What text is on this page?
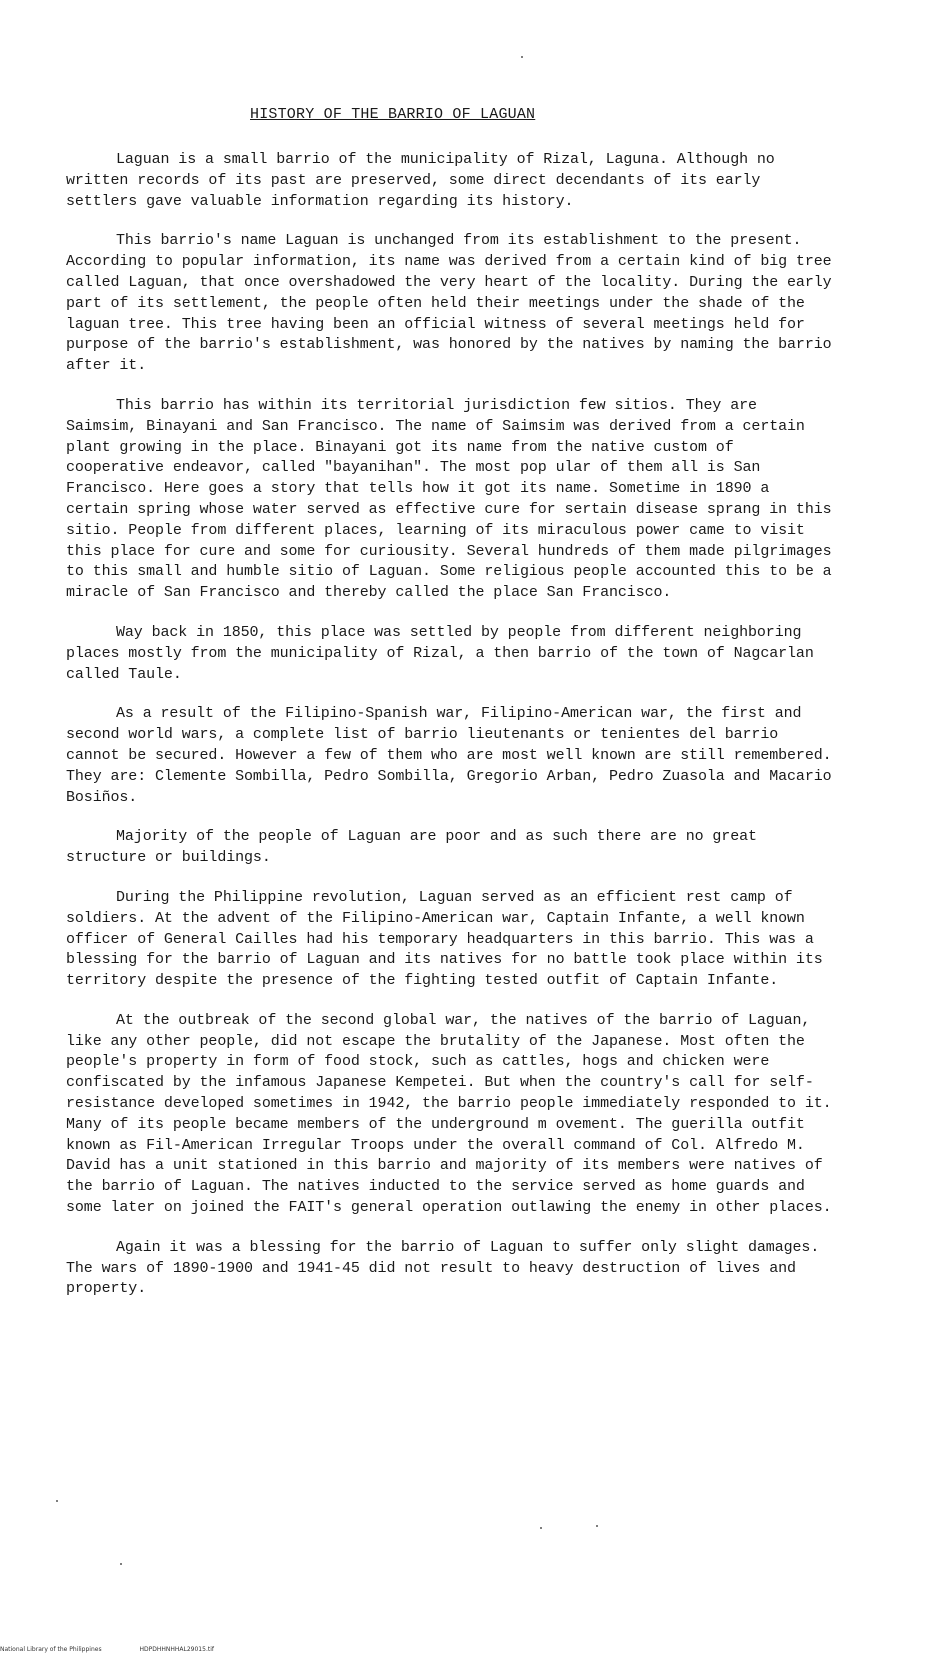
HISTORY OF THE BARRIO OF LAGUAN

Laguan is a small barrio of the municipality of Rizal, Laguna. Although no written records of its past are preserved, some direct decendants of its early settlers gave valuable information regarding its history.

This barrio's name Laguan is unchanged from its establishment to the present. According to popular information, its name was derived from a certain kind of big tree called Laguan, that once overshadowed the very heart of the locality. During the early part of its settlement, the people often held their meetings under the shade of the laguan tree. This tree having been an official witness of several meetings held for purpose of the barrio's establishment, was honored by the natives by naming the barrio after it.

This barrio has within its territorial jurisdiction few sitios. They are Saimsim, Binayani and San Francisco. The name of Saimsim was derived from a certain plant growing in the place. Binayani got its name from the native custom of cooperative endeavor, called "bayanihan". The most pop ular of them all is San Francisco. Here goes a story that tells how it got its name. Sometime in 1890 a certain spring whose water served as effective cure for sertain disease sprang in this sitio. People from different places, learning of its miraculous power came to visit this place for cure and some for curiousity. Several hundreds of them made pilgrimages to this small and humble sitio of Laguan. Some religious people accounted this to be a miracle of San Francisco and thereby called the place San Francisco.

Way back in 1850, this place was settled by people from different neighboring places mostly from the municipality of Rizal, a then barrio of the town of Nagcarlan called Taule.

As a result of the Filipino-Spanish war, Filipino-American war, the first and second world wars, a complete list of barrio lieutenants or tenientes del barrio cannot be secured. However a few of them who are most well known are still remembered. They are: Clemente Sombilla, Pedro Sombilla, Gregorio Arban, Pedro Zuasola and Macario Bosiños.

Majority of the people of Laguan are poor and as such there are no great structure or buildings.

During the Philippine revolution, Laguan served as an efficient rest camp of soldiers. At the advent of the Filipino-American war, Captain Infante, a well known officer of General Cailles had his temporary headquarters in this barrio. This was a blessing for the barrio of Laguan and its natives for no battle took place within its territory despite the presence of the fighting tested outfit of Captain Infante.

At the outbreak of the second global war, the natives of the barrio of Laguan, like any other people, did not escape the brutality of the Japanese. Most often the people's property in form of food stock, such as cattles, hogs and chicken were confiscated by the infamous Japanese Kempetei. But when the country's call for self-resistance developed sometimes in 1942, the barrio people immediately responded to it. Many of its people became members of the underground m ovement. The guerilla outfit known as Fil-American Irregular Troops under the overall command of Col. Alfredo M. David has a unit stationed in this barrio and majority of its members were natives of the barrio of Laguan. The natives inducted to the service served as home guards and some later on joined the FAIT's general operation outlawing the enemy in other places.

Again it was a blessing for the barrio of Laguan to suffer only slight damages. The wars of 1890-1900 and 1941-45 did not result to heavy destruction of lives and property.

National Library of the Philippines	HDPDHHNHHAL29015.tif
